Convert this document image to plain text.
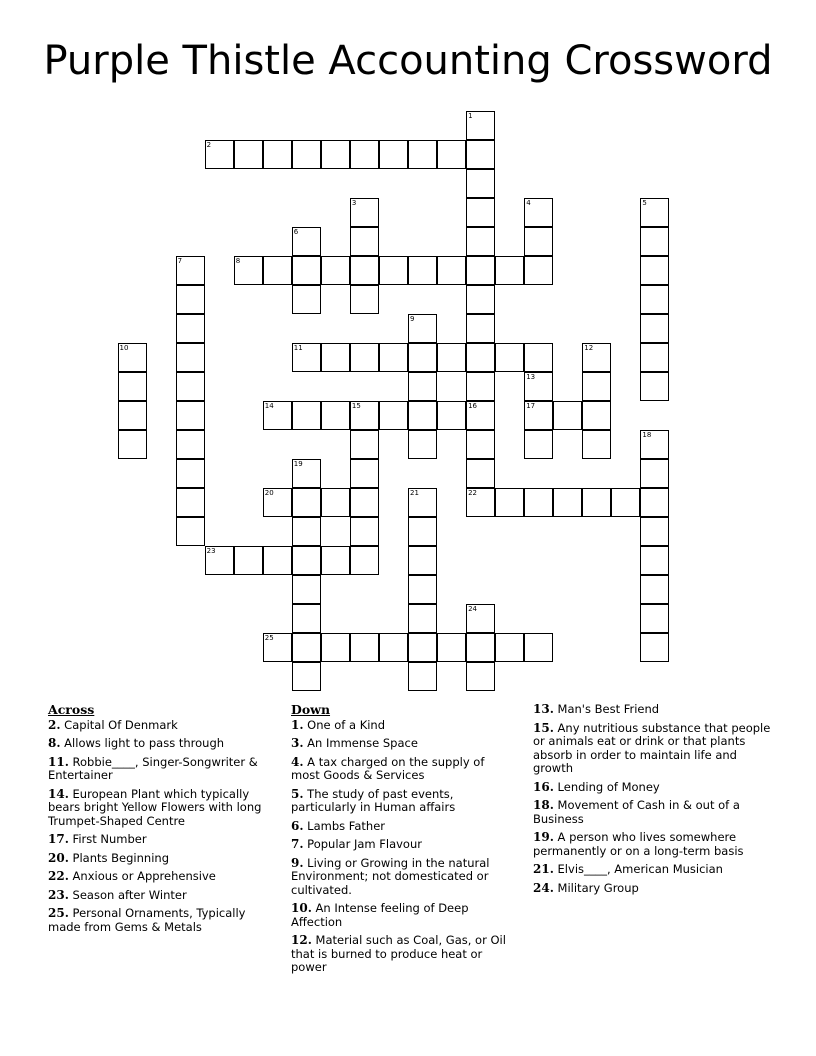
Purple Thistle Accounting Crossword
1
16
2
3	4	5
6
7	8
9
10	11	12
13
17
14	15
22
18
19
20	21
23
24
25
Across
2. Capital Of Denmark
8. Allows light to pass through
11. Robbie____, Singer-Songwriter & Entertainer
14. European Plant which typically bears bright Yellow Flowers with long Trumpet-Shaped Centre
17. First Number
20. Plants Beginning
22. Anxious or Apprehensive
23. Season after Winter
25. Personal Ornaments, Typically made from Gems & Metals
Down
1. One of a Kind
3. An Immense Space
4. A tax charged on the supply of most Goods & Services
5. The study of past events, particularly in Human affairs
6. Lambs Father
7. Popular Jam Flavour
9. Living or Growing in the natural Environment; not domesticated or cultivated.
10. An Intense feeling of Deep Affection
12. Material such as Coal, Gas, or Oil that is burned to produce heat or power
13. Man's Best Friend
15. Any nutritious substance that people or animals eat or drink or that plants absorb in order to maintain life and growth
16. Lending of Money
18. Movement of Cash in & out of a Business
19. A person who lives somewhere permanently or on a long-term basis
21. Elvis____, American Musician
24. Military Group
